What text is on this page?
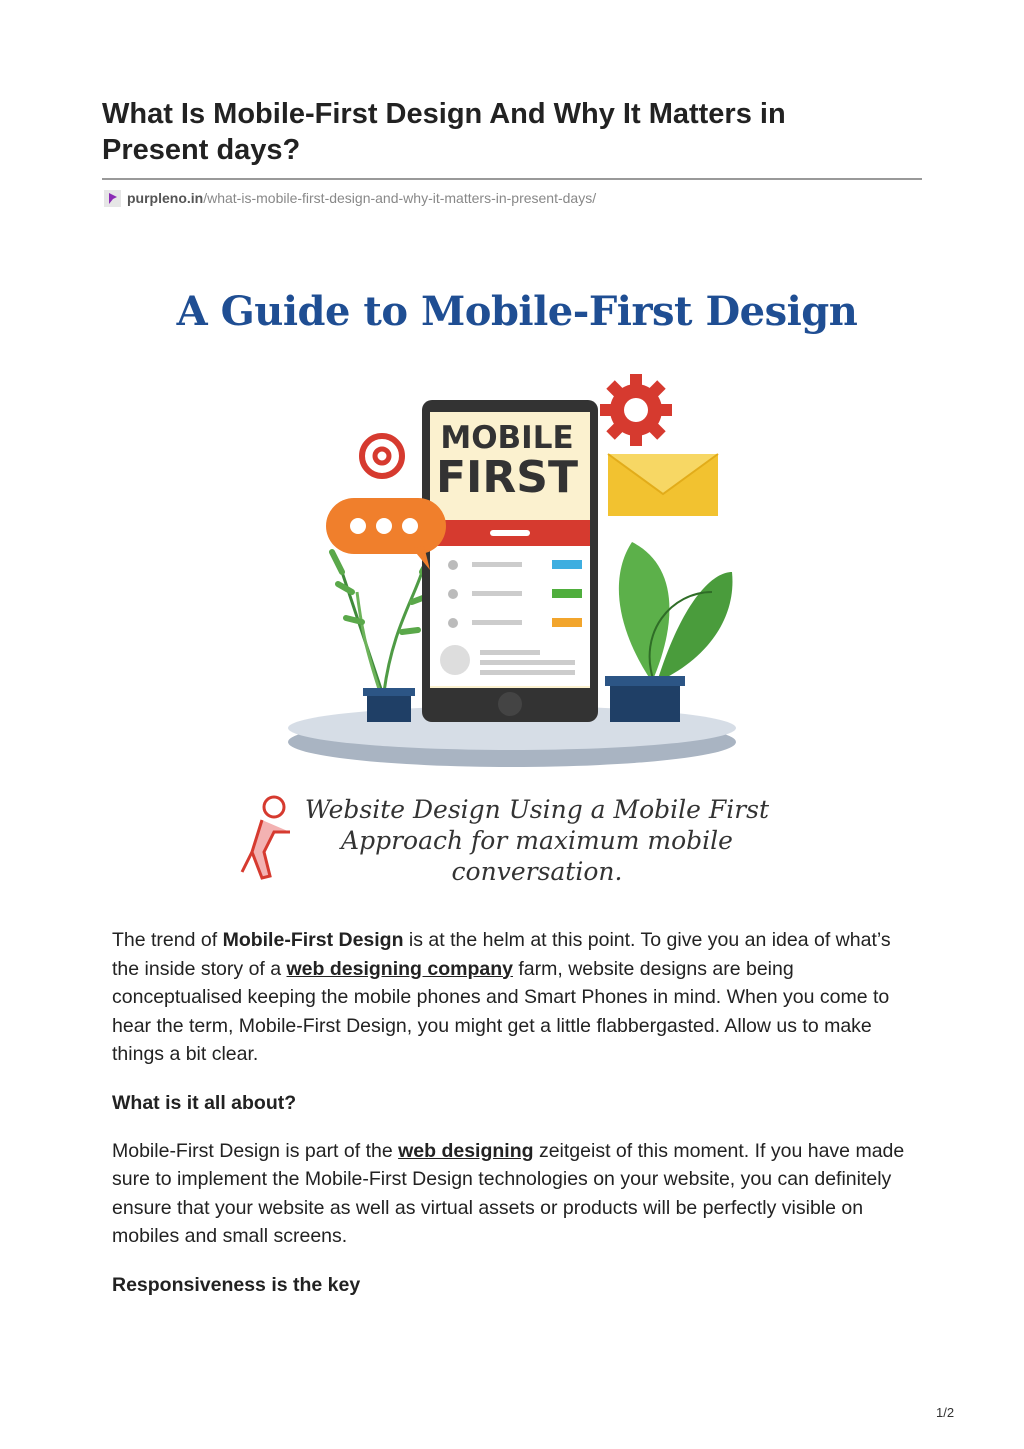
What Is Mobile-First Design And Why It Matters in Present days?
purpleno.in/what-is-mobile-first-design-and-why-it-matters-in-present-days/
A Guide to Mobile-First Design
MOBILE
FIRST
Website Design Using a Mobile First Approach for maximum mobile conversation.

The trend of Mobile-First Design is at the helm at this point. To give you an idea of what’s the inside story of a web designing company farm, website designs are being conceptualised keeping the mobile phones and Smart Phones in mind. When you come to hear the term, Mobile-First Design, you might get a little flabbergasted. Allow us to make things a bit clear.

What is it all about?

Mobile-First Design is part of the web designing zeitgeist of this moment. If you have made sure to implement the Mobile-First Design technologies on your website, you can definitely ensure that your website as well as virtual assets or products will be perfectly visible on mobiles and small screens.

Responsiveness is the key
1/2
